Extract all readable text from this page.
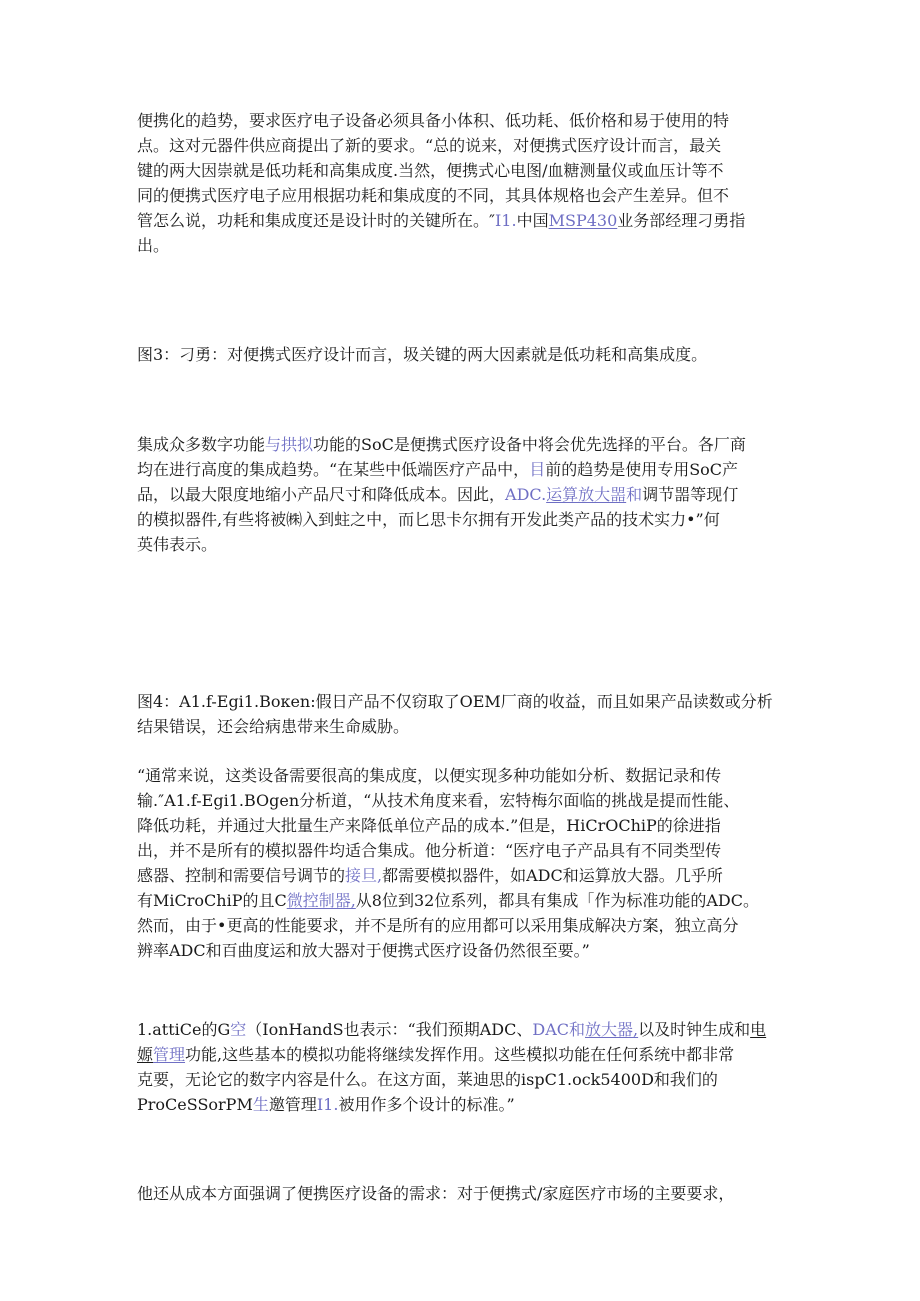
便携化的趋势，要求医疗电子设备必须具备小体积、低功耗、低价格和易于使用的特
点。这对元器件供应商提出了新的要求。“总的说来，对便携式医疗设计而言，最关
键的两大因崇就是低功耗和高集成度.当然，便携式心电图/血糖测量仪或血压计等不
同的便携式医疗电子应用根据功耗和集成度的不同，其具体规格也会产生差异。但不
管怎么说，功耗和集成度还是设计时的关键所在。″I1.中国MSP430业务部经理刁勇指
出。
图3：刁勇：对便携式医疗设计而言，圾关键的两大因素就是低功耗和高集成度。
集成众多数字功能与拱拟功能的SoC是便携式医疗设备中将会优先选择的平台。各厂商
均在进行高度的集成趋势。“在某些中低端医疗产品中，目前的趋势是使用专用SoC产
品，以最大限度地缩小产品尺寸和降低成本。因此，ADC.运算放大噐和调节噐等现仃
的模拟器件,有些将被㈱入到蛀之中，而匕思卡尔拥有开发此类产品的技术实力•”何
英伟表示。
图4：A1.f-Egi1.Boκen:假日产品不仅窃取了OEM厂商的收益，而且如果产品读数或分析
结果错误，还会给病患带来生命威胁。
“通常来说，这类设备需要很高的集成度，以便实现多种功能如分析、数据记录和传
输.″A1.f-Egi1.BOgen分析道，“从技术角度来看，宏特梅尔面临的挑战是提而性能、
降低功耗，并通过大批量生产来降低单位产品的成本.”但是，HiCrOChiP的徐进指
出，并不是所有的模拟器件均适合集成。他分析道：“医疗电子产品具有不同类型传
感器、控制和需要信号调节的接旦,都需要模拟器件，如ADC和运算放大器。几乎所
有MiCroChiP的且C微控制器,从8位到32位系列，都具有集成「作为标准功能的ADC。
然而，由于•更高的性能要求，并不是所有的应用都可以采用集成解决方案，独立高分
辨率ADC和百曲度运和放大器对于便携式医疗设备仍然很至要。”
1.attiCe的G空（IonHandS也表示：“我们预期ADC、DAC和放大器,以及时钟生成和电
嫄管理功能,这些基本的模拟功能将继续发挥作用。这些模拟功能在任何系统中都非常
克要，无论它的数字内容是什么。在这方面，莱迪思的ispC1.ock5400D和我们的
ProCeSSorPM生邀管理I1.被用作多个设计的标准。”
他还从成本方面强调了便携医疗设备的需求：对于便携式/家庭医疗市场的主要要求，
